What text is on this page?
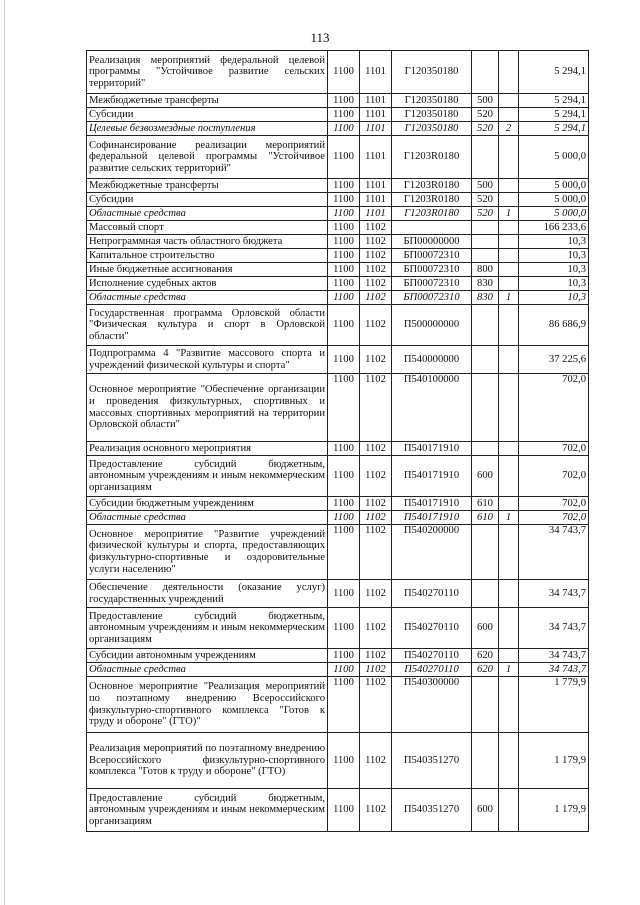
113
Реализация мероприятий федеральной целевой программы "Устойчивое развитие сельских территорий"	1100	1101	Г120350180			5 294,1
Межбюджетные трансферты	1100	1101	Г120350180	500		5 294,1
Субсидии	1100	1101	Г120350180	520		5 294,1
Целевые безвозмездные поступления	1100	1101	Г120350180	520	2	5 294,1
Софинансирование реализации мероприятий федеральной целевой программы "Устойчивое развитие сельских территорий"	1100	1101	Г1203R0180			5 000,0
Межбюджетные трансферты	1100	1101	Г1203R0180	500		5 000,0
Субсидии	1100	1101	Г1203R0180	520		5 000,0
Областные средства	1100	1101	Г1203R0180	520	1	5 000,0
Массовый спорт	1100	1102				166 233,6
Непрограммная часть областного бюджета	1100	1102	БП00000000			10,3
Капитальное строительство	1100	1102	БП00072310			10,3
Иные бюджетные ассигнования	1100	1102	БП00072310	800		10,3
Исполнение судебных актов	1100	1102	БП00072310	830		10,3
Областные средства	1100	1102	БП00072310	830	1	10,3
Государственная программа Орловской области "Физическая культура и спорт в Орловской области"	1100	1102	П500000000			86 686,9
Подпрограмма 4 "Развитие массового спорта и учреждений физической культуры и спорта"	1100	1102	П540000000			37 225,6
Основное мероприятие "Обеспечение организации и проведения физкультурных, спортивных и массовых спортивных мероприятий на территории Орловской области"	1100	1102	П540100000			702,0
Реализация основного мероприятия	1100	1102	П540171910			702,0
Предоставление субсидий бюджетным, автономным учреждениям и иным некоммерческим организациям	1100	1102	П540171910	600		702,0
Субсидии бюджетным учреждениям	1100	1102	П540171910	610		702,0
Областные средства	1100	1102	П540171910	610	1	702,0
Основное мероприятие "Развитие учреждений физической культуры и спорта, предоставляющих физкультурно-спортивные и оздоровительные услуги населению"	1100	1102	П540200000			34 743,7
Обеспечение деятельности (оказание услуг) государственных учреждений	1100	1102	П540270110			34 743,7
Предоставление субсидий бюджетным, автономным учреждениям и иным некоммерческим организациям	1100	1102	П540270110	600		34 743,7
Субсидии автономным учреждениям	1100	1102	П540270110	620		34 743,7
Областные средства	1100	1102	П540270110	620	1	34 743,7
Основное мероприятие "Реализация мероприятий по поэтапному внедрению Всероссийского физкультурно-спортивного комплекса "Готов к труду и обороне" (ГТО)"	1100	1102	П540300000			1 779,9
Реализация мероприятий по поэтапному внедрению Всероссийского физкультурно-спортивного комплекса "Готов к труду и обороне" (ГТО)	1100	1102	П540351270			1 179,9
Предоставление субсидий бюджетным, автономным учреждениям и иным некоммерческим организациям	1100	1102	П540351270	600		1 179,9
